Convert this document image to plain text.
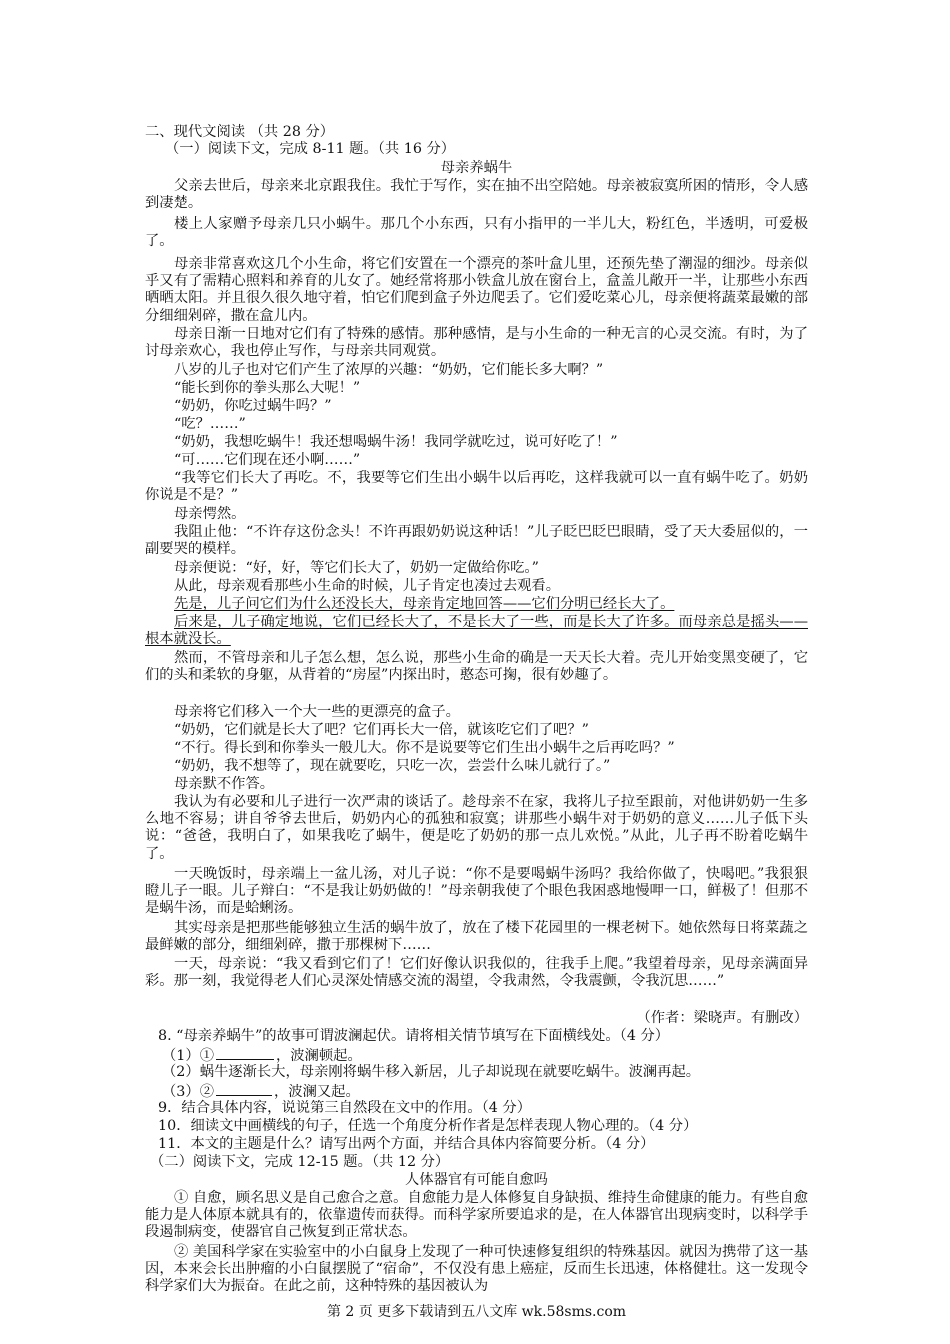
二、现代文阅读 （共 28 分）
（一）阅读下文，完成 8-11 题。（共 16 分）
母亲养蜗牛
父亲去世后，母亲来北京跟我住。我忙于写作，实在抽不出空陪她。母亲被寂寞所困的情形，令人感到凄楚。
楼上人家赠予母亲几只小蜗牛。那几个小东西，只有小指甲的一半儿大，粉红色，半透明，可爱极了。
母亲非常喜欢这几个小生命，将它们安置在一个漂亮的茶叶盒儿里，还预先垫了潮湿的细沙。母亲似乎又有了需精心照料和养育的儿女了。她经常将那小铁盒儿放在窗台上，盒盖儿敞开一半，让那些小东西晒晒太阳。并且很久很久地守着，怕它们爬到盒子外边爬丢了。它们爱吃菜心儿，母亲便将蔬菜最嫩的部分细细剁碎，撒在盒儿内。
母亲日渐一日地对它们有了特殊的感情。那种感情，是与小生命的一种无言的心灵交流。有时，为了讨母亲欢心，我也停止写作，与母亲共同观赏。
八岁的儿子也对它们产生了浓厚的兴趣：“奶奶，它们能长多大啊？”
“能长到你的拳头那么大呢！”
“奶奶，你吃过蜗牛吗？”
“吃？……”
“奶奶，我想吃蜗牛！我还想喝蜗牛汤！我同学就吃过，说可好吃了！”
“可……它们现在还小啊……”
“我等它们长大了再吃。不，我要等它们生出小蜗牛以后再吃，这样我就可以一直有蜗牛吃了。奶奶你说是不是？”
母亲愕然。
我阻止他：“不许存这份念头！不许再跟奶奶说这种话！”儿子眨巴眨巴眼睛，受了天大委屈似的，一副要哭的模样。
母亲便说：“好，好，等它们长大了，奶奶一定做给你吃。”
从此，母亲观看那些小生命的时候，儿子肯定也凑过去观看。
先是，儿子问它们为什么还没长大，母亲肯定地回答——它们分明已经长大了。
后来是，儿子确定地说，它们已经长大了，不是长大了一些，而是长大了许多。而母亲总是摇头——根本就没长。
然而，不管母亲和儿子怎么想，怎么说，那些小生命的确是一天天长大着。壳儿开始变黑变硬了，它们的头和柔软的身躯，从背着的“房屋”内探出时，憨态可掬，很有妙趣了。
母亲将它们移入一个大一些的更漂亮的盒子。
“奶奶，它们就是长大了吧？它们再长大一倍，就该吃它们了吧？”
“不行。得长到和你拳头一般儿大。你不是说要等它们生出小蜗牛之后再吃吗？”
“奶奶，我不想等了，现在就要吃，只吃一次，尝尝什么味儿就行了。”
母亲默不作答。
我认为有必要和儿子进行一次严肃的谈话了。趁母亲不在家，我将儿子拉至跟前，对他讲奶奶一生多么地不容易；讲自爷爷去世后，奶奶内心的孤独和寂寞；讲那些小蜗牛对于奶奶的意义……儿子低下头说：“爸爸，我明白了，如果我吃了蜗牛，便是吃了奶奶的那一点儿欢悦。”从此，儿子再不盼着吃蜗牛了。
一天晚饭时，母亲端上一盆儿汤，对儿子说：“你不是要喝蜗牛汤吗？我给你做了，快喝吧。”我狠狠瞪儿子一眼。儿子辩白：“不是我让奶奶做的！”母亲朝我使了个眼色我困惑地慢呷一口，鲜极了！但那不是蜗牛汤，而是蛤蜊汤。
其实母亲是把那些能够独立生活的蜗牛放了，放在了楼下花园里的一棵老树下。她依然每日将菜蔬之最鲜嫩的部分，细细剁碎，撒于那棵树下……
一天，母亲说：“我又看到它们了！它们好像认识我似的，往我手上爬。”我望着母亲，见母亲满面异彩。那一刻，我觉得老人们心灵深处情感交流的渴望，令我肃然，令我震颤，令我沉思……”
（作者：梁晓声。有删改）
8. “母亲养蜗牛”的故事可谓波澜起伏。请将相关情节填写在下面横线处。（4 分）
（1）①	，波澜顿起。
（2）蜗牛逐渐长大，母亲刚将蜗牛移入新居，儿子却说现在就要吃蜗牛。波澜再起。
（3）②	，波澜又起。
9．结合具体内容，说说第三自然段在文中的作用。（4 分）
10．细读文中画横线的句子，任选一个角度分析作者是怎样表现人物心理的。（4 分）
11．本文的主题是什么？请写出两个方面，并结合具体内容简要分析。（4 分）
（二）阅读下文，完成 12-15 题。（共 12 分）
人体器官有可能自愈吗
① 自愈，顾名思义是自己愈合之意。自愈能力是人体修复自身缺损、维持生命健康的能力。有些自愈能力是人体原本就具有的，依靠遗传而获得。而科学家所要追求的是，在人体器官出现病变时，以科学手段遏制病变，使器官自己恢复到正常状态。
② 美国科学家在实验室中的小白鼠身上发现了一种可快速修复组织的特殊基因。就因为携带了这一基因，本来会长出肿瘤的小白鼠摆脱了“宿命”，不仅没有患上癌症，反而生长迅速，体格健壮。这一发现令科学家们大为振奋。在此之前，这种特殊的基因被认为
第 2 页 更多下载请到五八文库 wk.58sms.com
